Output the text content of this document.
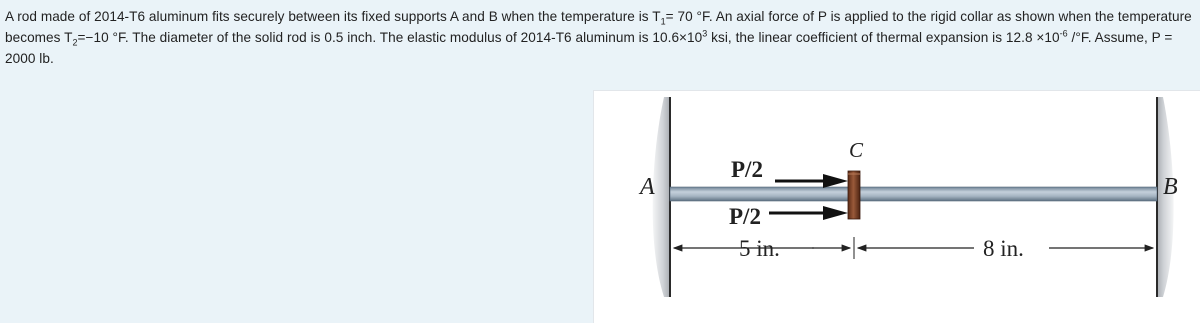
A rod made of 2014-T6 aluminum fits securely between its fixed supports A and B when the temperature is $T_1= 70$ °F. An axial force of P is applied to the rigid collar as shown when the temperature becomes $T_2=-10$ °F. The diameter of the solid rod is 0.5 inch. The elastic modulus of 2014-T6 aluminum is $10.6\times 10^3$ ksi, the linear coefficient of thermal expansion is $12.8 \times 10^{-6}$ /°F. Assume, P = 2000 lb.
A	B
C
P/2
P/2
5 in.	8 in.
